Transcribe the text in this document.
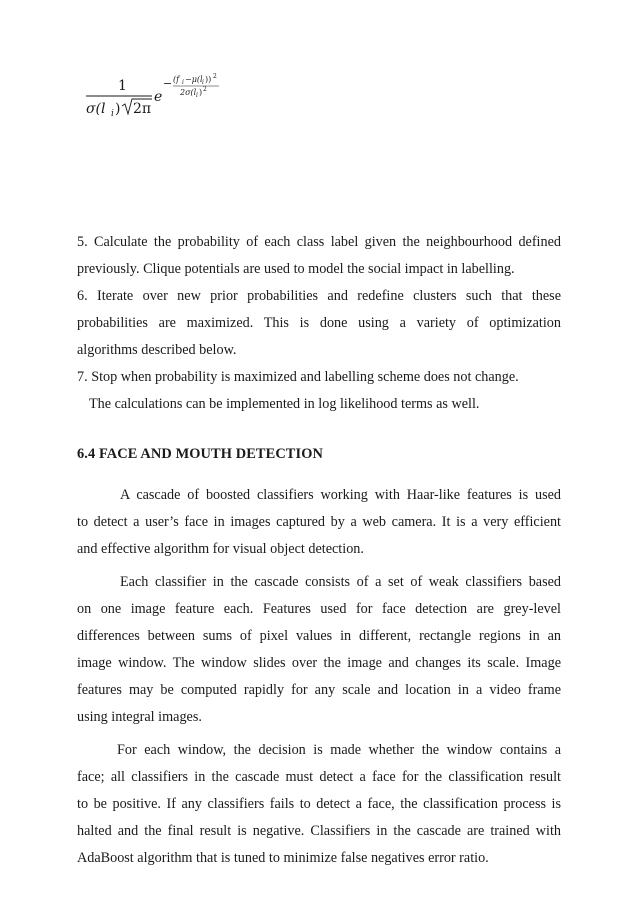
1
σ(l i ) 2π
e
− (f i −μ(l i )) 2
2σ(l i ) 2
5. Calculate the probability of each class label given the neighbourhood defined
previously. Clique potentials are used to model the social impact in labelling.
6. Iterate over new prior probabilities and redefine clusters such that these
probabilities are maximized. This is done using a variety of optimization
algorithms described below.
7. Stop when probability is maximized and labelling scheme does not change.
The calculations can be implemented in log likelihood terms as well.
6.4 FACE AND MOUTH DETECTION
A cascade of boosted classifiers working with Haar-like features is used
to detect a user’s face in images captured by a web camera. It is a very efficient
and effective algorithm for visual object detection.
Each classifier in the cascade consists of a set of weak classifiers based
on one image feature each. Features used for face detection are grey-level
differences between sums of pixel values in different, rectangle regions in an
image window. The window slides over the image and changes its scale. Image
features may be computed rapidly for any scale and location in a video frame
using integral images.
For each window, the decision is made whether the window contains a
face; all classifiers in the cascade must detect a face for the classification result
to be positive. If any classifiers fails to detect a face, the classification process is
halted and the final result is negative. Classifiers in the cascade are trained with
AdaBoost algorithm that is tuned to minimize false negatives error ratio.
